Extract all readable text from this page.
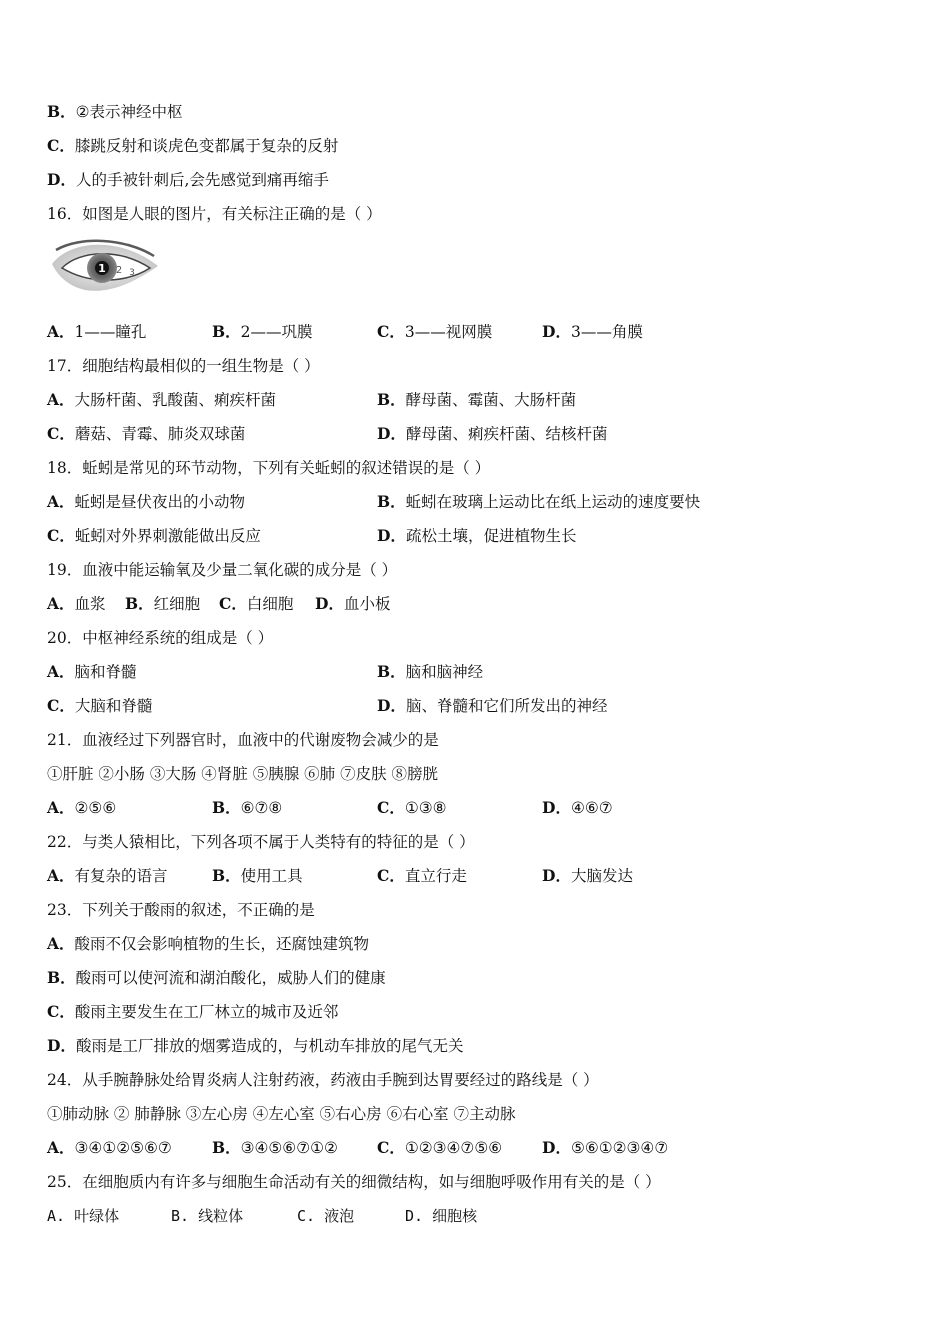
B．②表示神经中枢
C．膝跳反射和谈虎色变都属于复杂的反射
D．人的手被针刺后,会先感觉到痛再缩手
16．如图是人眼的图片，有关标注正确的是（ ）
1 2 3
A．1——瞳孔	B．2——巩膜	C．3——视网膜	D．3——角膜
17．细胞结构最相似的一组生物是（ ）
A．大肠杆菌、乳酸菌、痢疾杆菌	B．酵母菌、霉菌、大肠杆菌
C．蘑菇、青霉、肺炎双球菌	D．酵母菌、痢疾杆菌、结核杆菌
18．蚯蚓是常见的环节动物，下列有关蚯蚓的叙述错误的是（ ）
A．蚯蚓是昼伏夜出的小动物	B．蚯蚓在玻璃上运动比在纸上运动的速度要快
C．蚯蚓对外界刺激能做出反应	D．疏松土壤，促进植物生长
19．血液中能运输氧及少量二氧化碳的成分是（ ）
A．血浆 B．红细胞 C．白细胞 D．血小板
20．中枢神经系统的组成是（ ）
A．脑和脊髓	B．脑和脑神经
C．大脑和脊髓	D．脑、脊髓和它们所发出的神经
21．血液经过下列器官时，血液中的代谢废物会减少的是
①肝脏 ②小肠 ③大肠 ④肾脏 ⑤胰腺 ⑥肺 ⑦皮肤 ⑧膀胱
A．②⑤⑥	B．⑥⑦⑧	C．①③⑧	D．④⑥⑦
22．与类人猿相比，下列各项不属于人类特有的特征的是（ ）
A．有复杂的语言	B．使用工具	C．直立行走	D．大脑发达
23．下列关于酸雨的叙述，不正确的是
A．酸雨不仅会影响植物的生长，还腐蚀建筑物
B．酸雨可以使河流和湖泊酸化，威胁人们的健康
C．酸雨主要发生在工厂林立的城市及近邻
D．酸雨是工厂排放的烟雾造成的，与机动车排放的尾气无关
24．从手腕静脉处给胃炎病人注射药液，药液由手腕到达胃要经过的路线是（ ）
①肺动脉 ② 肺静脉 ③左心房 ④左心室 ⑤右心房 ⑥右心室 ⑦主动脉
A．③④①②⑤⑥⑦	B．③④⑤⑥⑦①②	C．①②③④⑦⑤⑥	D．⑤⑥①②③④⑦
25．在细胞质内有许多与细胞生命活动有关的细微结构，如与细胞呼吸作用有关的是（ ）
A. 叶绿体	B. 线粒体	C. 液泡	D. 细胞核
